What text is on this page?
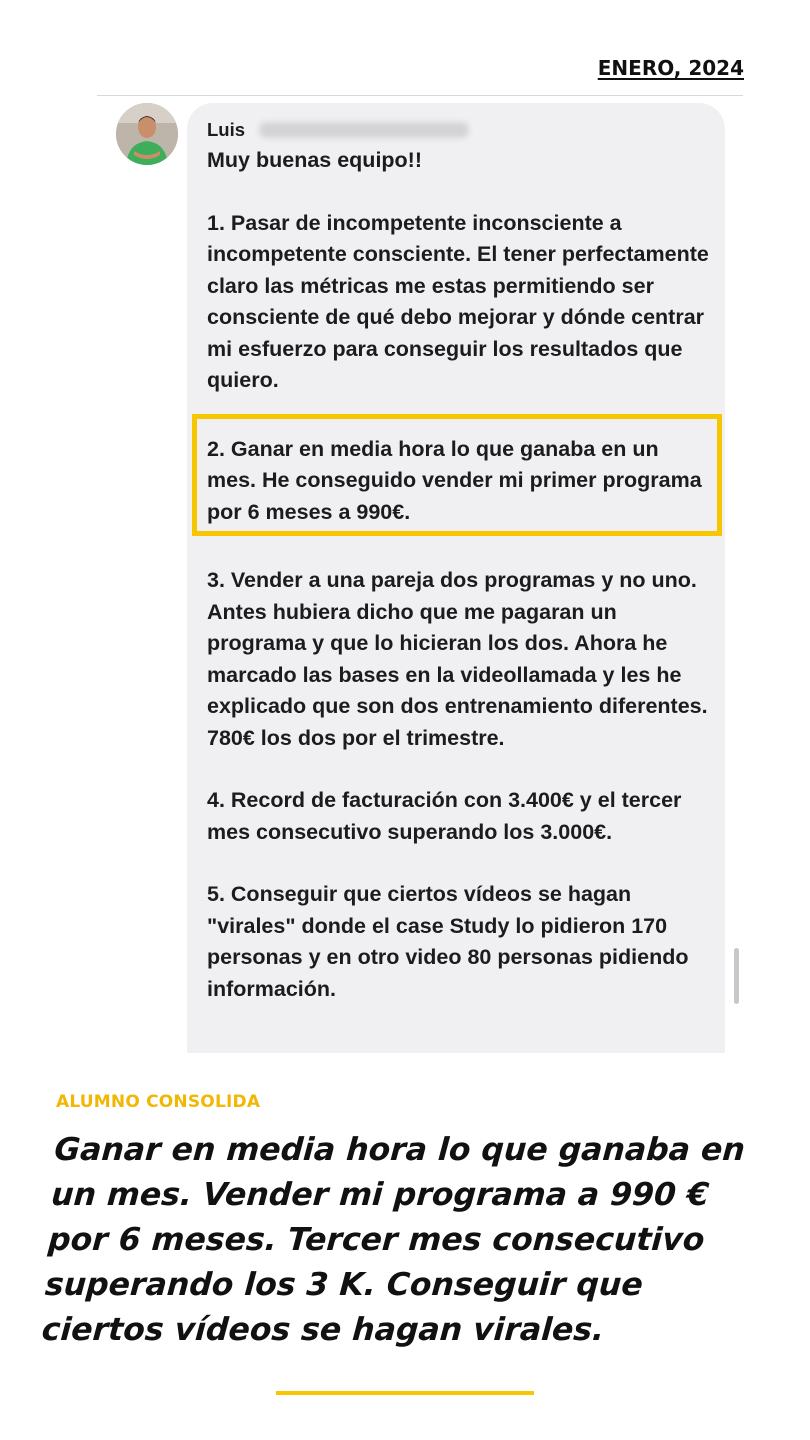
ENERO, 2024
Luis

Muy buenas equipo!!

1. Pasar de incompetente inconsciente a incompetente consciente. El tener perfectamente claro las métricas me estas permitiendo ser consciente de qué debo mejorar y dónde centrar mi esfuerzo para conseguir los resultados que quiero.

2. Ganar en media hora lo que ganaba en un mes. He conseguido vender mi primer programa por 6 meses a 990€.

3. Vender a una pareja dos programas y no uno. Antes hubiera dicho que me pagaran un programa y que lo hicieran los dos. Ahora he marcado las bases en la videollamada y les he explicado que son dos entrenamiento diferentes. 780€ los dos por el trimestre.

4. Record de facturación con 3.400€ y el tercer mes consecutivo superando los 3.000€.

5. Conseguir que ciertos vídeos se hagan "virales" donde el case Study lo pidieron 170 personas y en otro video 80 personas pidiendo información.

ALUMNO CONSOLIDA
Ganar en media hora lo que ganaba en un mes. Vender mi programa a 990 € por 6 meses. Tercer mes consecutivo superando los 3 K. Conseguir que ciertos vídeos se hagan virales.
